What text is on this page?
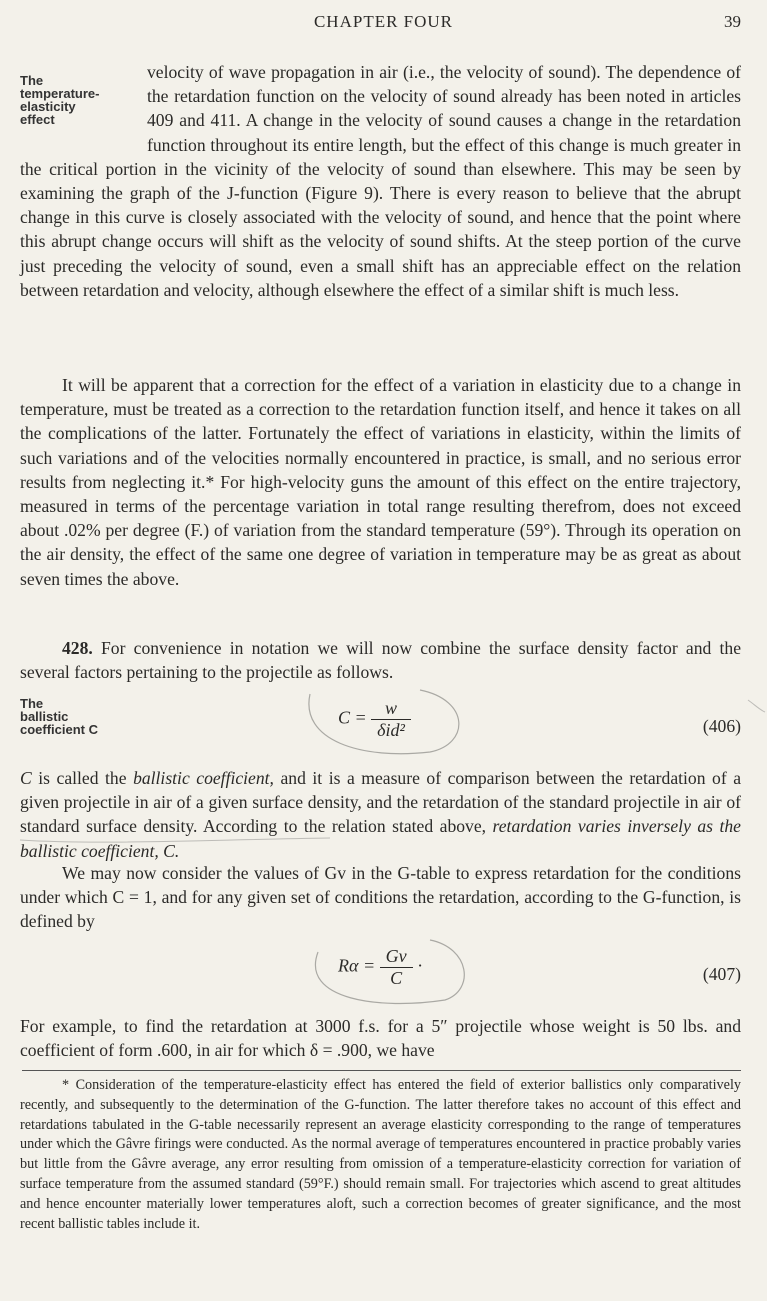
CHAPTER FOUR	39
The
temperature-
elasticity
effect

velocity of wave propagation in air (i.e., the velocity of sound). The dependence of the retardation function on the velocity of sound already has been noted in articles 409 and 411. A change in the velocity of sound causes a change in the retardation function throughout its entire length, but the effect of this change is much greater in the critical portion in the vicinity of the velocity of sound than elsewhere. This may be seen by examining the graph of the J-function (Figure 9). There is every reason to believe that the abrupt change in this curve is closely associated with the velocity of sound, and hence that the point where this abrupt change occurs will shift as the velocity of sound shifts. At the steep portion of the curve just preceding the velocity of sound, even a small shift has an appreciable effect on the relation between retardation and velocity, although elsewhere the effect of a similar shift is much less.

It will be apparent that a correction for the effect of a variation in elasticity due to a change in temperature, must be treated as a correction to the retardation function itself, and hence it takes on all the complications of the latter. Fortunately the effect of variations in elasticity, within the limits of such variations and of the velocities normally encountered in practice, is small, and no serious error results from neglecting it.* For high-velocity guns the amount of this effect on the entire trajectory, measured in terms of the percentage variation in total range resulting therefrom, does not exceed about .02% per degree (F.) of variation from the standard temperature (59°). Through its operation on the air density, the effect of the same one degree of variation in temperature may be as great as about seven times the above.

428. For convenience in notation we will now combine the surface density factor and the several factors pertaining to the projectile as follows.

The
ballistic
coefficient C
$C = \frac{w}{\text{δid²}}$	(406)

C is called the ballistic coefficient, and it is a measure of comparison between the retardation of a given projectile in air of a given surface density, and the retardation of the standard projectile in air of standard surface density. According to the relation stated above, retardation varies inversely as the ballistic coefficient, C.

We may now consider the values of Gv in the G-table to express retardation for the conditions under which C = 1, and for any given set of conditions the retardation, according to the G-function, is defined by

$R\alpha = \frac{Gv}{C}$ ·	(407)

For example, to find the retardation at 3000 f.s. for a 5″ projectile whose weight is 50 lbs. and coefficient of form .600, in air for which δ = .900, we have

* Consideration of the temperature-elasticity effect has entered the field of exterior ballistics only comparatively recently, and subsequently to the determination of the G-function. The latter therefore takes no account of this effect and retardations tabulated in the G-table necessarily represent an average elasticity corresponding to the range of temperatures under which the Gâvre firings were conducted. As the normal average of temperatures encountered in practice probably varies but little from the Gâvre average, any error resulting from omission of a temperature-elasticity correction for variation of surface temperature from the assumed standard (59°F.) should remain small. For trajectories which ascend to great altitudes and hence encounter materially lower temperatures aloft, such a correction becomes of greater significance, and the most recent ballistic tables include it.
